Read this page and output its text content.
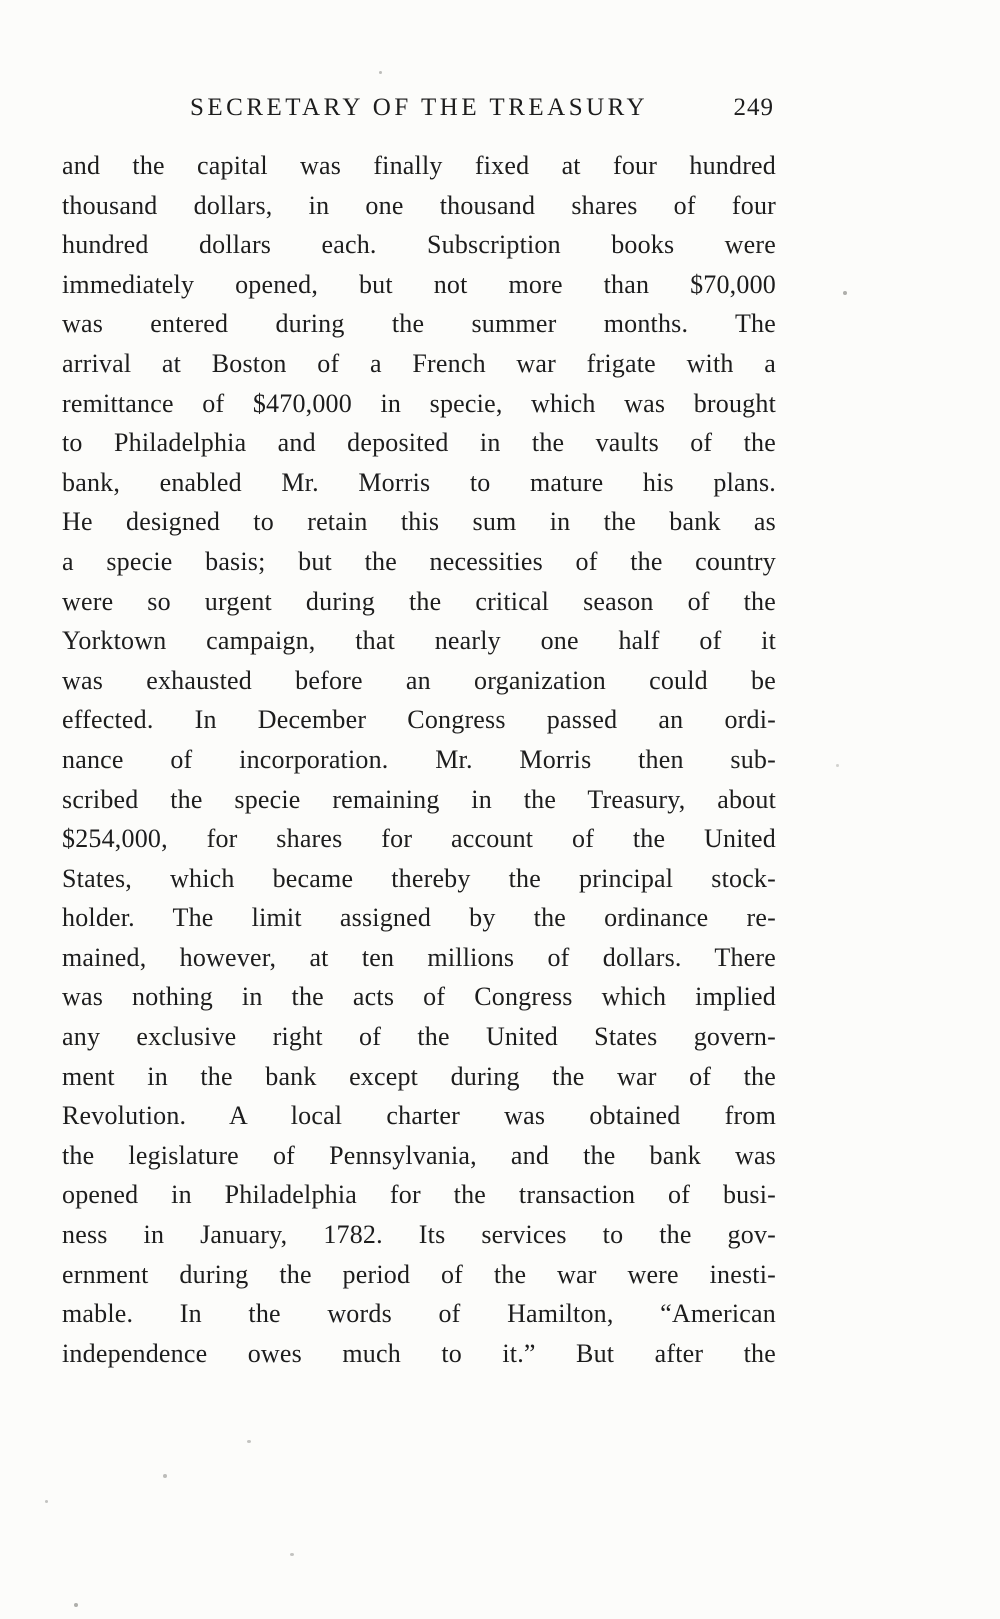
SECRETARY OF THE TREASURY	249
and the capital was finally fixed at four hundred
thousand dollars, in one thousand shares of four
hundred dollars each. Subscription books were
immediately opened, but not more than $70,000
was entered during the summer months. The
arrival at Boston of a French war frigate with a
remittance of $470,000 in specie, which was brought
to Philadelphia and deposited in the vaults of the
bank, enabled Mr. Morris to mature his plans.
He designed to retain this sum in the bank as
a specie basis; but the necessities of the country
were so urgent during the critical season of the
Yorktown campaign, that nearly one half of it
was exhausted before an organization could be
effected. In December Congress passed an ordi-
nance of incorporation. Mr. Morris then sub-
scribed the specie remaining in the Treasury, about
$254,000, for shares for account of the United
States, which became thereby the principal stock-
holder. The limit assigned by the ordinance re-
mained, however, at ten millions of dollars. There
was nothing in the acts of Congress which implied
any exclusive right of the United States govern-
ment in the bank except during the war of the
Revolution. A local charter was obtained from
the legislature of Pennsylvania, and the bank was
opened in Philadelphia for the transaction of busi-
ness in January, 1782. Its services to the gov-
ernment during the period of the war were inesti-
mable. In the words of Hamilton, “American
independence owes much to it.” But after the
